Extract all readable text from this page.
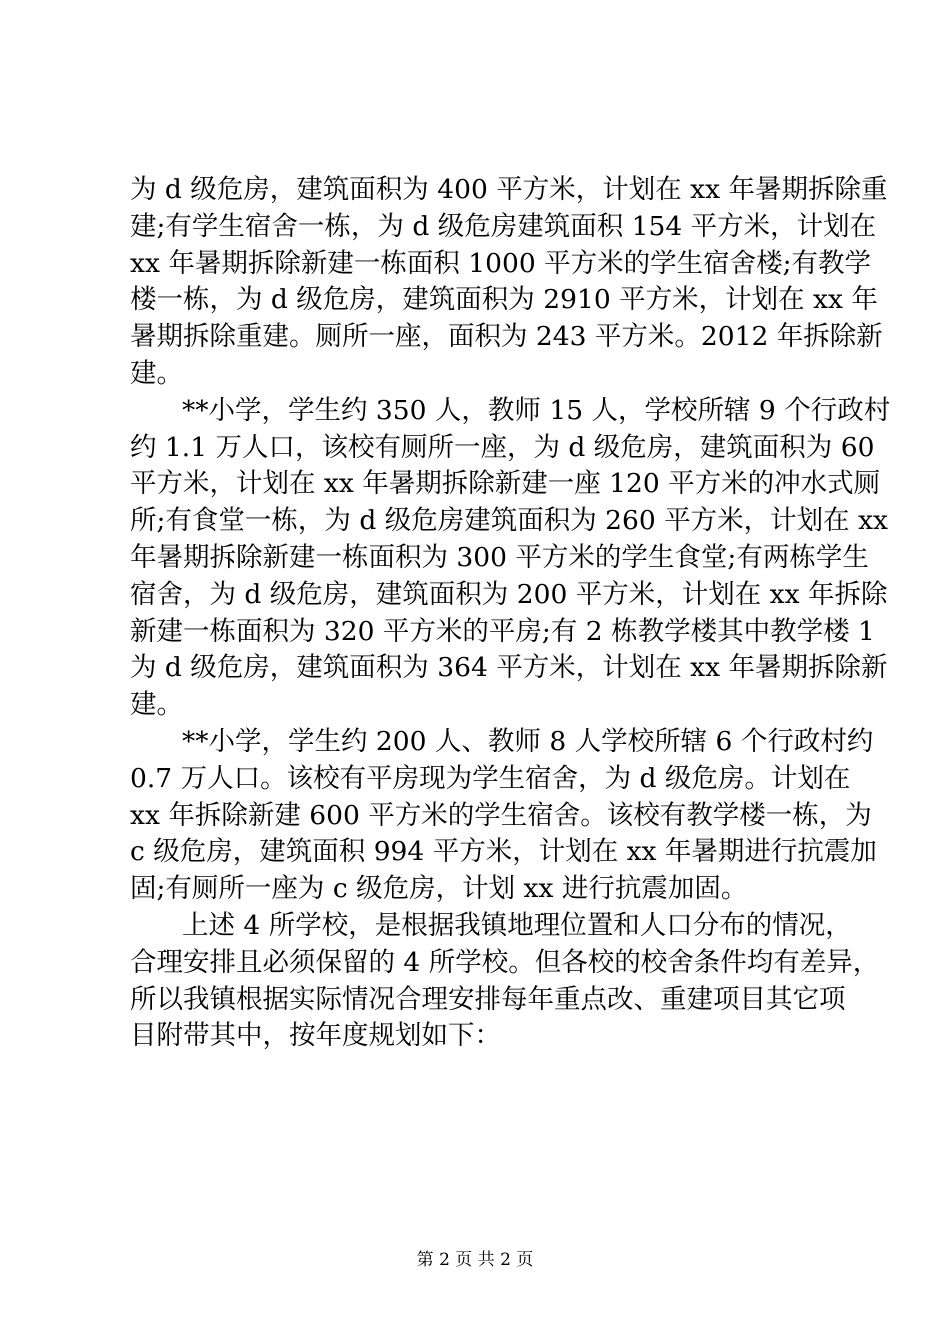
为 d 级危房，建筑面积为 400 平方米，计划在 xx 年暑期拆除重
建;有学生宿舍一栋，为 d 级危房建筑面积 154 平方米，计划在
xx 年暑期拆除新建一栋面积 1000 平方米的学生宿舍楼;有教学
楼一栋，为 d 级危房，建筑面积为 2910 平方米，计划在 xx 年
暑期拆除重建。厕所一座，面积为 243 平方米。2012 年拆除新
建。
**小学，学生约 350 人，教师 15 人，学校所辖 9 个行政村
约 1.1 万人口，该校有厕所一座，为 d 级危房，建筑面积为 60
平方米，计划在 xx 年暑期拆除新建一座 120 平方米的冲水式厕
所;有食堂一栋，为 d 级危房建筑面积为 260 平方米，计划在 xx
年暑期拆除新建一栋面积为 300 平方米的学生食堂;有两栋学生
宿舍，为 d 级危房，建筑面积为 200 平方米，计划在 xx 年拆除
新建一栋面积为 320 平方米的平房;有 2 栋教学楼其中教学楼 1
为 d 级危房，建筑面积为 364 平方米，计划在 xx 年暑期拆除新
建。
**小学，学生约 200 人、教师 8 人学校所辖 6 个行政村约
0.7 万人口。该校有平房现为学生宿舍，为 d 级危房。计划在
xx 年拆除新建 600 平方米的学生宿舍。该校有教学楼一栋，为
c 级危房，建筑面积 994 平方米，计划在 xx 年暑期进行抗震加
固;有厕所一座为 c 级危房，计划 xx 进行抗震加固。
上述 4 所学校，是根据我镇地理位置和人口分布的情况，
合理安排且必须保留的 4 所学校。但各校的校舍条件均有差异，
所以我镇根据实际情况合理安排每年重点改、重建项目其它项
目附带其中，按年度规划如下：
第 2 页 共 2 页
